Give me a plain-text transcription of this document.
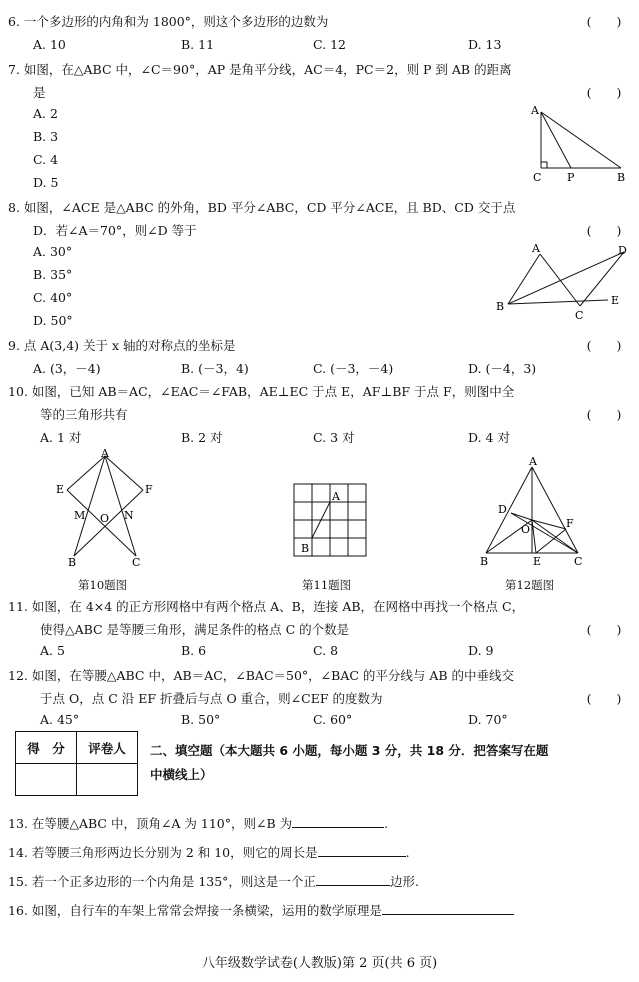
6. 一个多边形的内角和为 1800°，则这个多边形的边数为	(　　)
A. 10	B. 11	C. 12	D. 13
7. 如图，在△ABC 中，∠C＝90°，AP 是角平分线，AC＝4，PC＝2，则 P 到 AB 的距离
是	(　　)
A. 2
B. 3
C. 4
D. 5
A
C P	B
8. 如图，∠ACE 是△ABC 的外角，BD 平分∠ABC，CD 平分∠ACE，且 BD、CD 交于点
D．若∠A＝70°，则∠D 等于	(　　)
A. 30°
B. 35°
C. 40°
D. 50°
A	D
B
C
E
9. 点 A(3,4) 关于 x 轴的对称点的坐标是	(　　)
A. (3，－4)	B. (－3，4)	C. (－3，－4)	D. (－4，3)
10. 如图，已知 AB＝AC，∠EAC＝∠FAB，AE⊥EC 于点 E，AF⊥BF 于点 F，则图中全
等的三角形共有	(　　)
A. 1 对	B. 2 对	C. 3 对	D. 4 对
A
E	F
M O N
B	C
第10题图
A
B
第11题图
A
D
F
O
B	E	C
第12题图
11. 如图，在 4×4 的正方形网格中有两个格点 A、B，连接 AB，在网格中再找一个格点 C，
使得△ABC 是等腰三角形，满足条件的格点 C 的个数是	(　　)
A. 5	B. 6	C. 8	D. 9
12. 如图，在等腰△ABC 中，AB＝AC，∠BAC＝50°，∠BAC 的平分线与 AB 的中垂线交
于点 O，点 C 沿 EF 折叠后与点 O 重合，则∠CEF 的度数为	(　　)
A. 45°	B. 50°	C. 60°	D. 70°
得　分	评卷人
	二、填空题（本大题共 6 小题，每小题 3 分，共 18 分．把答案写在题
中横线上）
13. 在等腰△ABC 中，顶角∠A 为 110°，则∠B 为	.
14. 若等腰三角形两边长分别为 2 和 10，则它的周长是	.
15. 若一个正多边形的一个内角是 135°，则这是一个正	边形.
16. 如图，自行车的车架上常常会焊接一条横梁，运用的数学原理是
八年级数学试卷(人教版)第 2 页(共 6 页)
